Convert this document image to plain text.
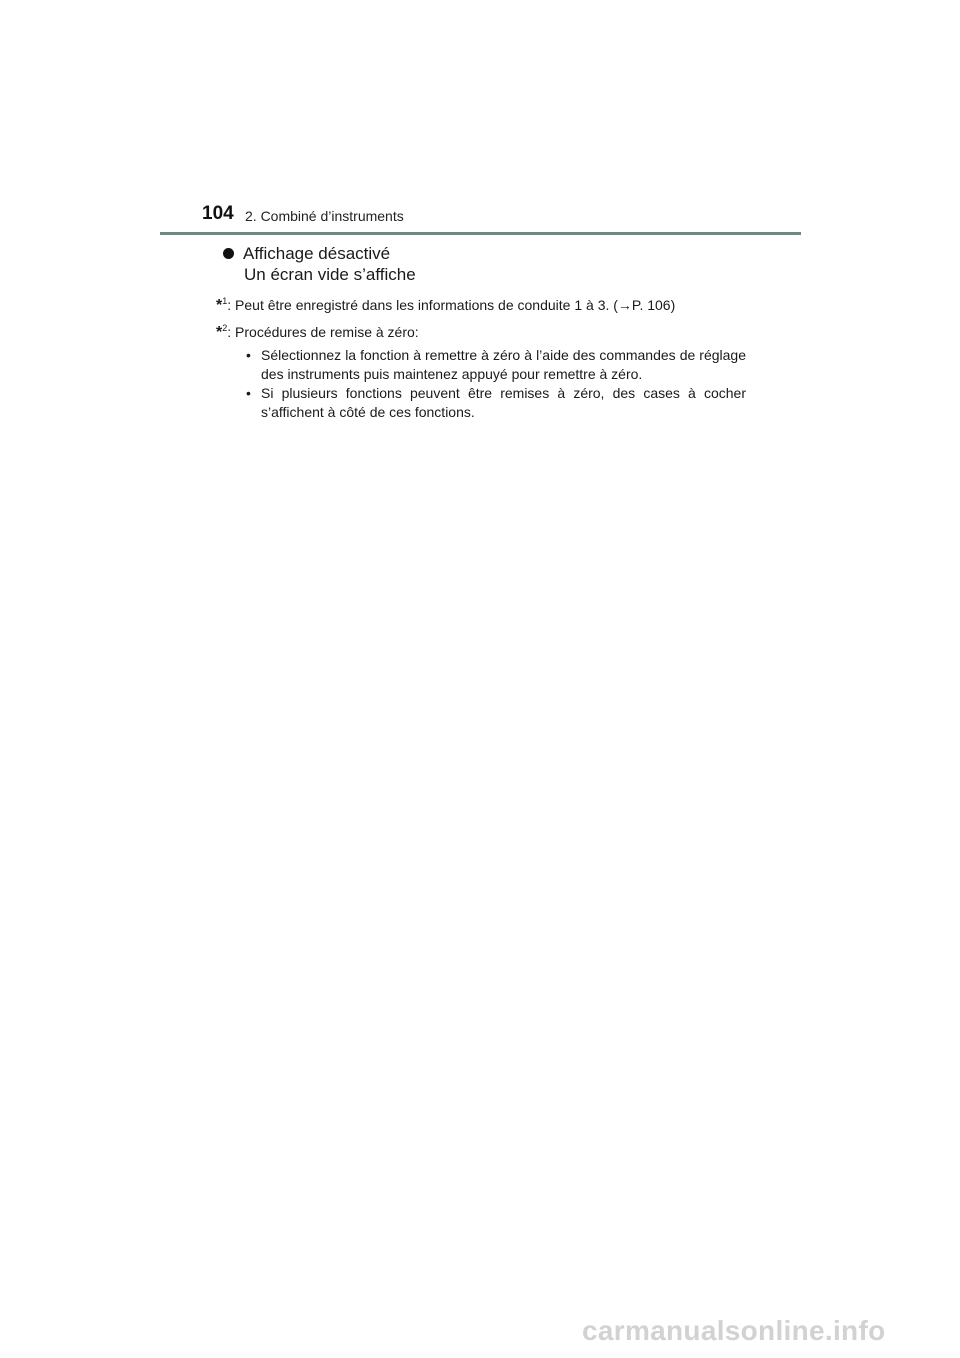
104 2. Combiné d’instruments
Affichage désactivé
Un écran vide s’affiche
*$^1$: Peut être enregistré dans les informations de conduite 1 à 3. (→P. 106)
*$^2$: Procédures de remise à zéro:
• Sélectionnez la fonction à remettre à zéro à l’aide des commandes de réglage des instruments puis maintenez appuyé pour remettre à zéro.
• Si plusieurs fonctions peuvent être remises à zéro, des cases à cocher s’affichent à côté de ces fonctions.
carmanualsonline.info
